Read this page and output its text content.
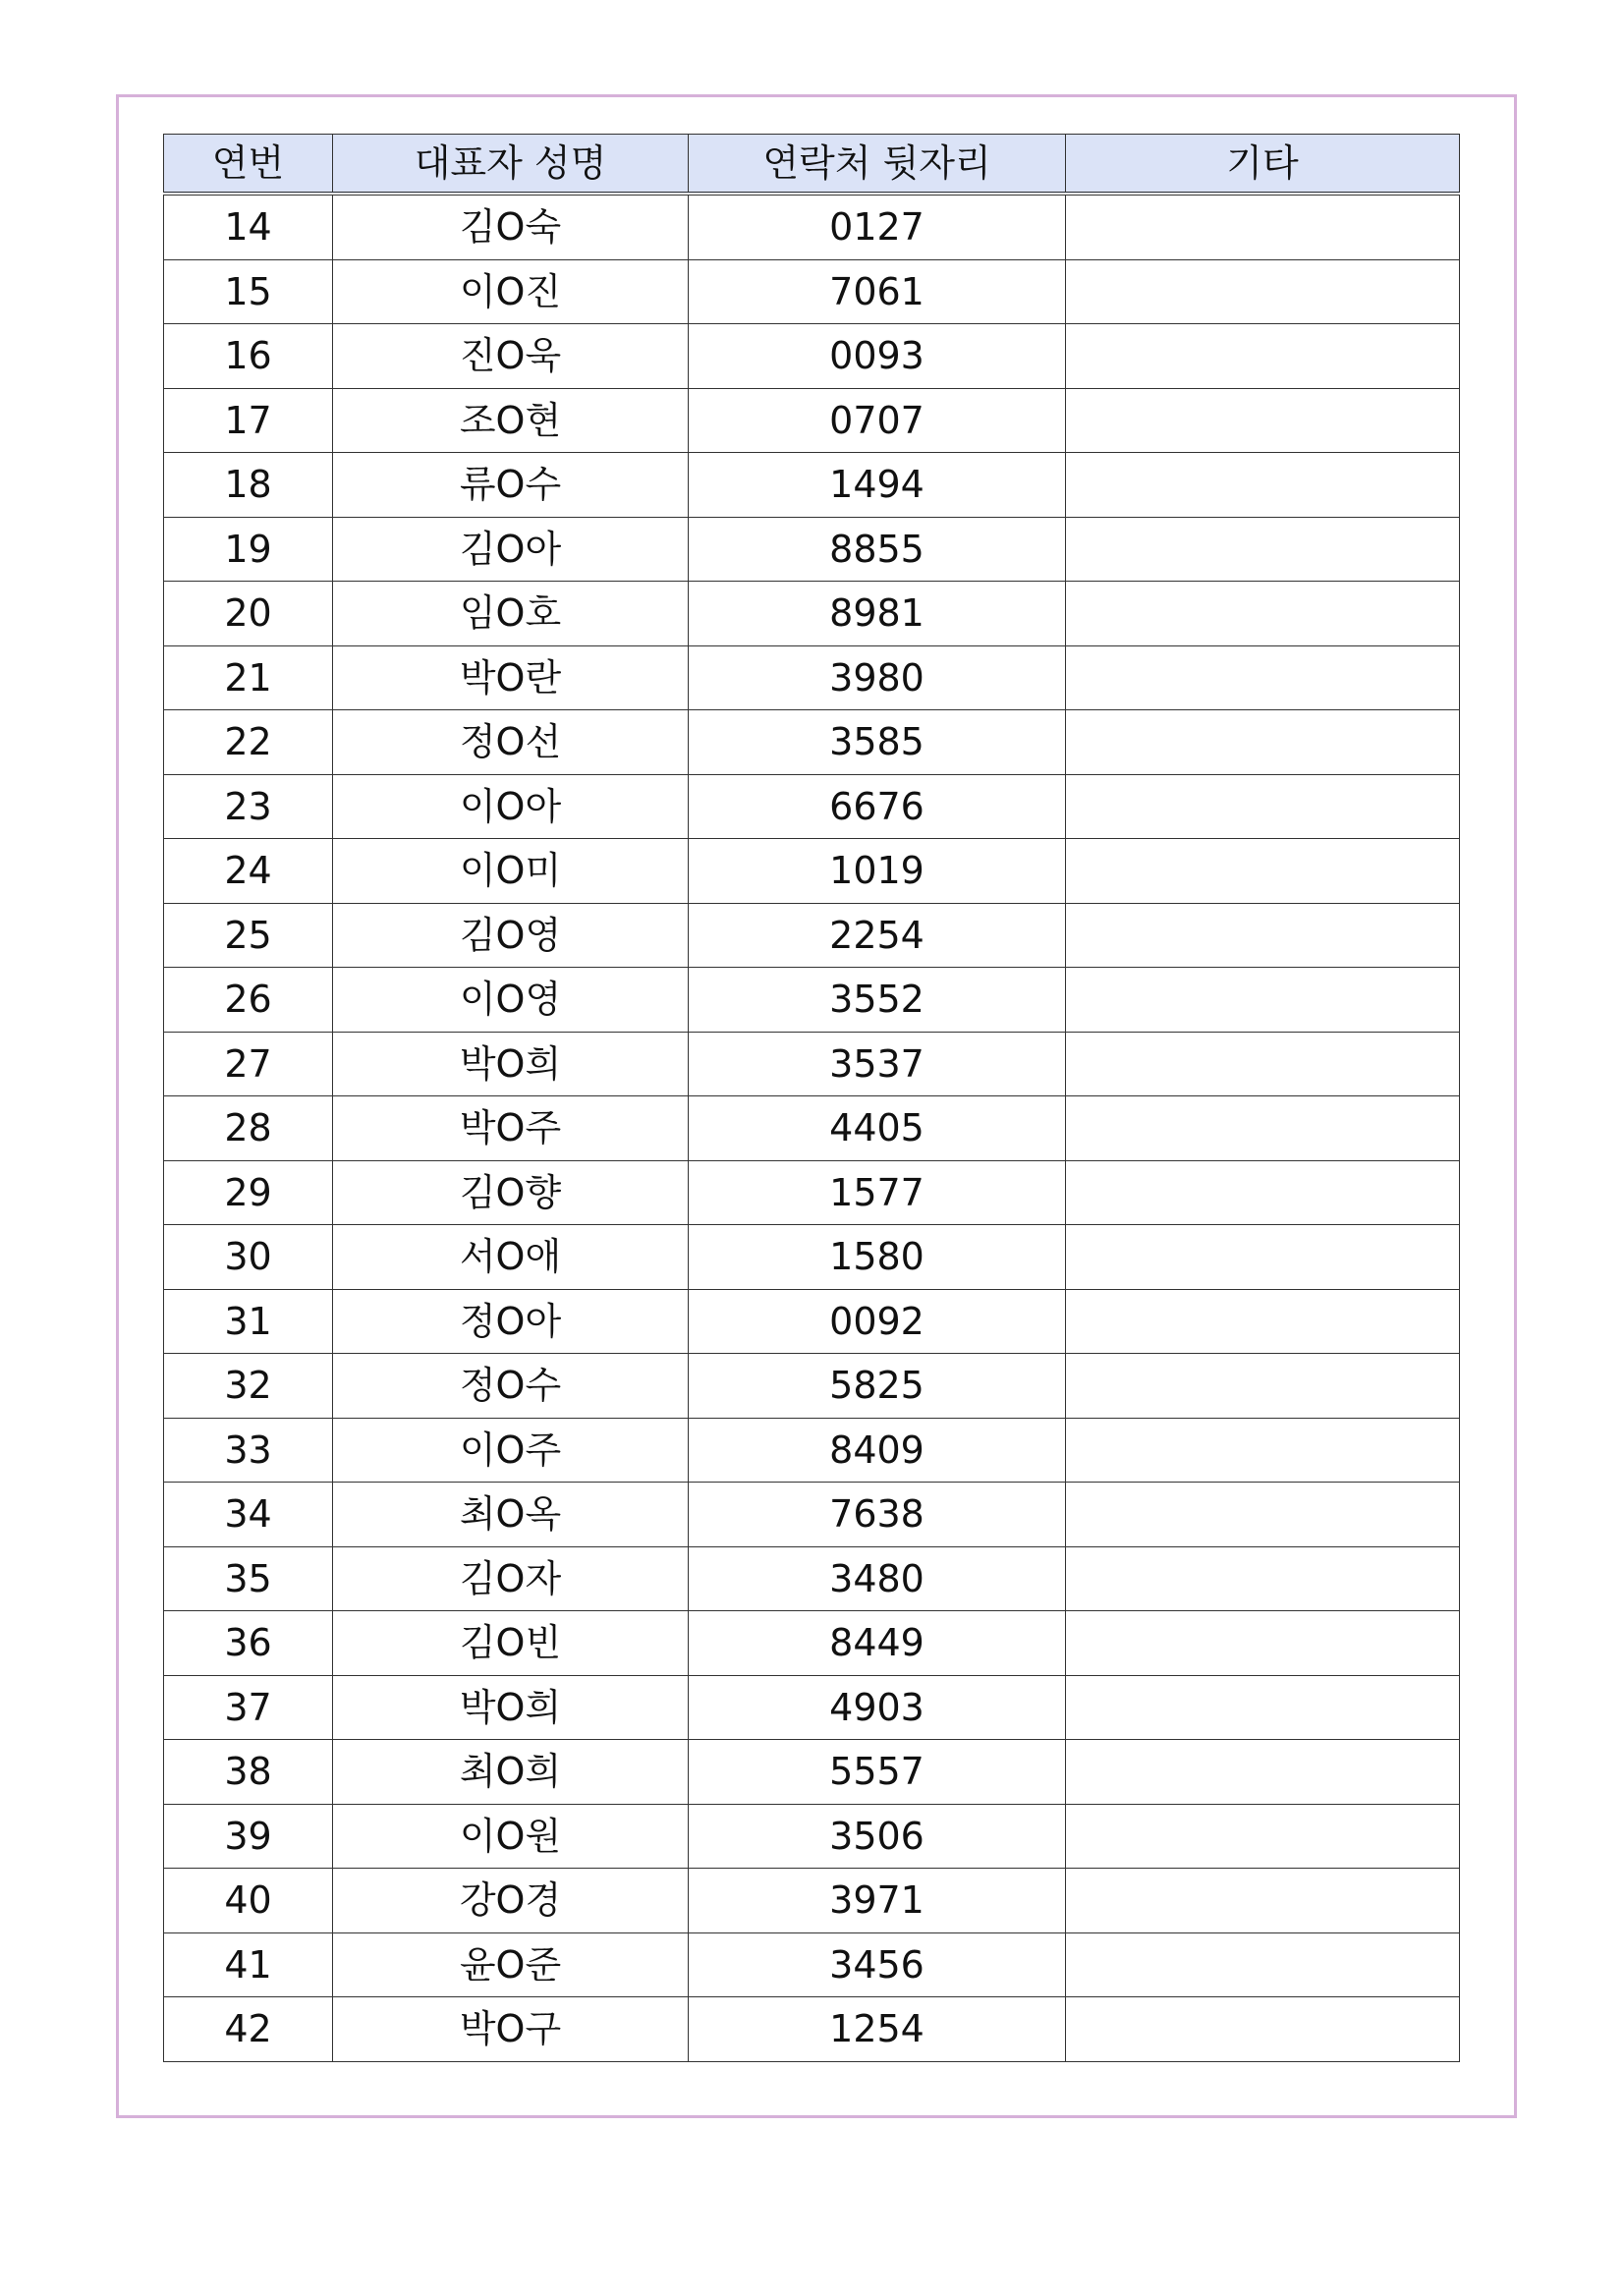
연번	대표자 성명	연락처 뒷자리	기타
14	김O숙	0127	
15	이O진	7061	
16	진O욱	0093	
17	조O현	0707	
18	류O수	1494	
19	김O아	8855	
20	임O호	8981	
21	박O란	3980	
22	정O선	3585	
23	이O아	6676	
24	이O미	1019	
25	김O영	2254	
26	이O영	3552	
27	박O희	3537	
28	박O주	4405	
29	김O향	1577	
30	서O애	1580	
31	정O아	0092	
32	정O수	5825	
33	이O주	8409	
34	최O옥	7638	
35	김O자	3480	
36	김O빈	8449	
37	박O희	4903	
38	최O희	5557	
39	이O원	3506	
40	강O경	3971	
41	윤O준	3456	
42	박O구	1254	
